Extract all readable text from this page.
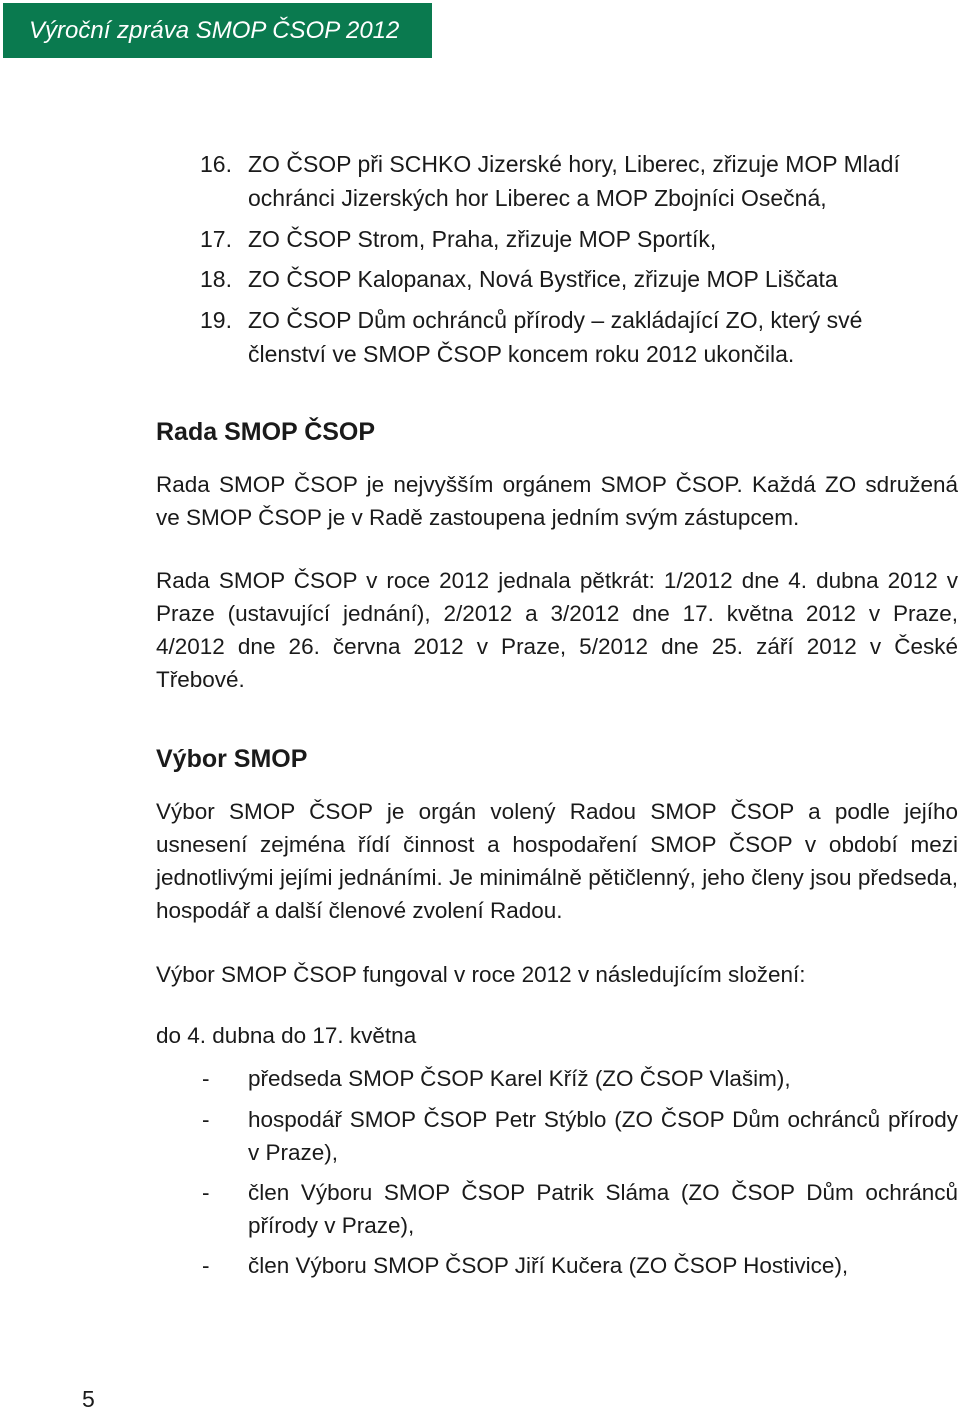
Výroční zpráva SMOP ČSOP 2012
16. ZO ČSOP při SCHKO Jizerské hory, Liberec, zřizuje MOP Mladí ochránci Jizerských hor Liberec a MOP Zbojníci Osečná,
17. ZO ČSOP Strom, Praha, zřizuje MOP Sportík,
18. ZO ČSOP Kalopanax, Nová Bystřice, zřizuje MOP Liščata
19. ZO ČSOP Dům ochránců přírody – zakládající ZO, který své členství ve SMOP ČSOP koncem roku 2012 ukončila.
Rada SMOP ČSOP
Rada SMOP ČSOP je nejvyšším orgánem SMOP ČSOP. Každá ZO sdružená ve SMOP ČSOP je v Radě zastoupena jedním svým zástupcem.
Rada SMOP ČSOP v roce 2012 jednala pětkrát: 1/2012 dne 4. dubna 2012 v Praze (ustavující jednání), 2/2012 a 3/2012 dne 17. května 2012 v Praze, 4/2012 dne 26. června 2012 v Praze, 5/2012 dne 25. září 2012 v České Třebové.
Výbor SMOP
Výbor SMOP ČSOP je orgán volený Radou SMOP ČSOP a podle jejího usnesení zejména řídí činnost a hospodaření SMOP ČSOP v období mezi jednotlivými jejími jednáními. Je minimálně pětičlenný, jeho členy jsou předseda, hospodář a další členové zvolení Radou.
Výbor SMOP ČSOP fungoval v roce 2012 v následujícím složení:
do 4. dubna do 17. května
- předseda SMOP ČSOP Karel Kříž (ZO ČSOP Vlašim),
- hospodář SMOP ČSOP Petr Stýblo (ZO ČSOP Dům ochránců přírody v Praze),
- člen Výboru SMOP ČSOP Patrik Sláma (ZO ČSOP Dům ochránců přírody v Praze),
- člen Výboru SMOP ČSOP Jiří Kučera (ZO ČSOP Hostivice),
5
